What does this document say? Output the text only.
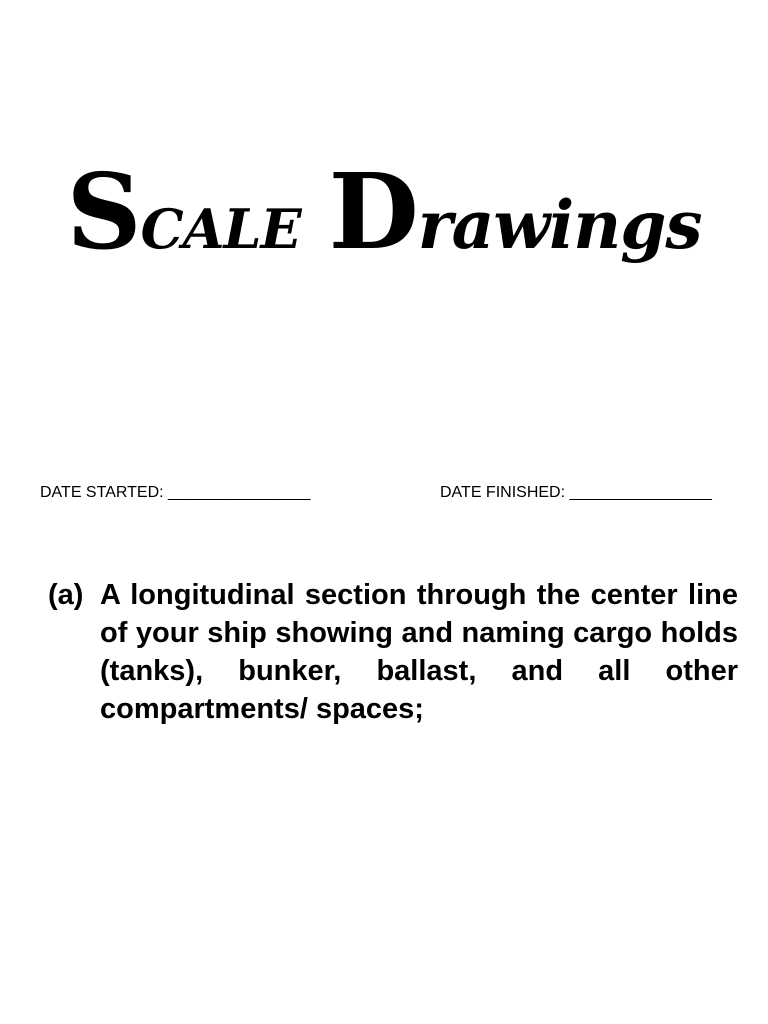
SCALE Drawings
DATE STARTED: ________________	DATE FINISHED: ________________
(a) A longitudinal section through the center line of your ship showing and naming cargo holds (tanks), bunker, ballast, and all other compartments/ spaces;
